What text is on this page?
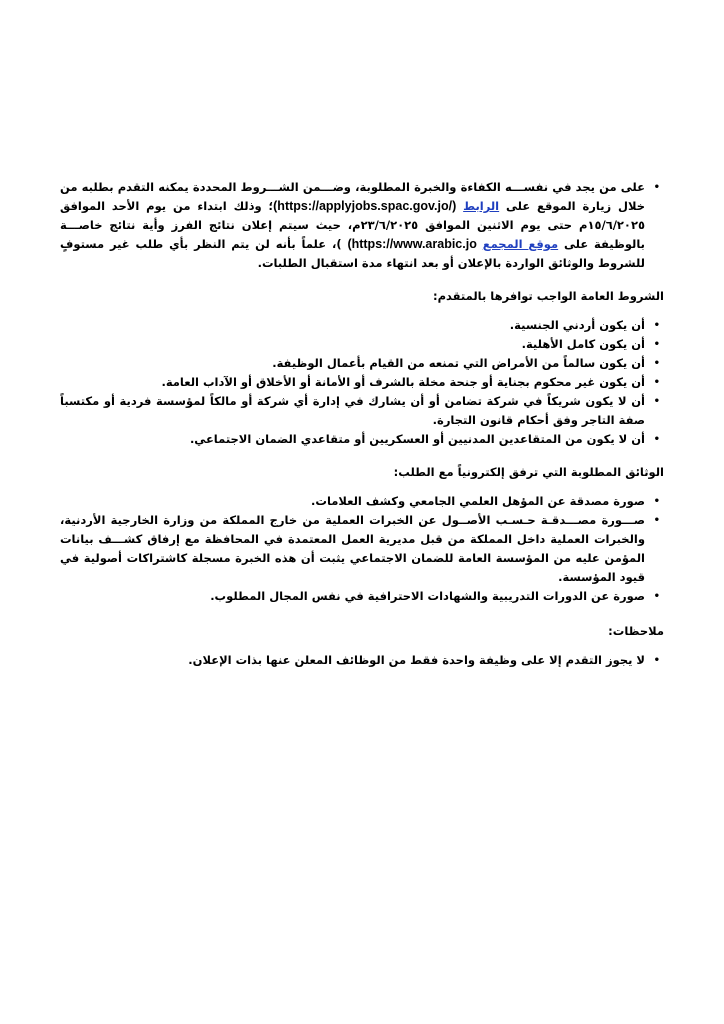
•
على من يجد في نفســـه الكفاءة والخبرة المطلوبة، وضـــمن الشـــروط المحددة يمكنه التقدم بطلبه من خلال زيارة الموقع على الرابط (https://applyjobs.spac.gov.jo/)؛ وذلك ابتداء من يوم الأحد الموافق ١٥/٦/٢٠٢٥م حتى يوم الاثنين الموافق ٢٣/٦/٢٠٢٥م، حيث سيتم إعلان نتائج الفرز وأية نتائج خاصـــة بالوظيفة على موقع المجمع (https://www.arabic.jo )، علماً بأنه لن يتم النظر بأي طلب غير مستوفٍ للشروط والوثائق الواردة بالإعلان أو بعد انتهاء مدة استقبال الطلبات.
الشروط العامة الواجب توافرها بالمتقدم:
•
أن يكون أردني الجنسية.
•
أن يكون كامل الأهلية.
•
أن يكون سالماً من الأمراض التي تمنعه من القيام بأعمال الوظيفة.
•
أن يكون غير محكوم بجناية أو جنحة مخلة بالشرف أو الأمانة أو الأخلاق أو الآداب العامة.
•
أن لا يكون شريكاً في شركة تضامن أو أن يشارك في إدارة أي شركة أو مالكاً لمؤسسة فردية أو مكتسباً صفة التاجر وفق أحكام قانون التجارة.
•
أن لا يكون من المتقاعدين المدنيين أو العسكريين أو متقاعدي الضمان الاجتماعي.
الوثائق المطلوبة التي ترفق إلكترونياً مع الطلب:
•
صورة مصدقة عن المؤهل العلمي الجامعي وكشف العلامات.
•
صـــورة مصـــدقـة حـسـب الأصــول عن الخبرات العملية من خارج المملكة من وزارة الخارجية الأردنية، والخبرات العملية داخل المملكة من قبل مديرية العمل المعتمدة في المحافظة مع إرفاق كشـــف بيانات المؤمن عليه من المؤسسة العامة للضمان الاجتماعي يثبت أن هذه الخبرة مسجلة كاشتراكات أصولية في قيود المؤسسة.
•
صورة عن الدورات التدريبية والشهادات الاحترافية في نفس المجال المطلوب.
ملاحظات:
•
لا يجوز التقدم إلا على وظيفة واحدة فقط من الوظائف المعلن عنها بذات الإعلان.
